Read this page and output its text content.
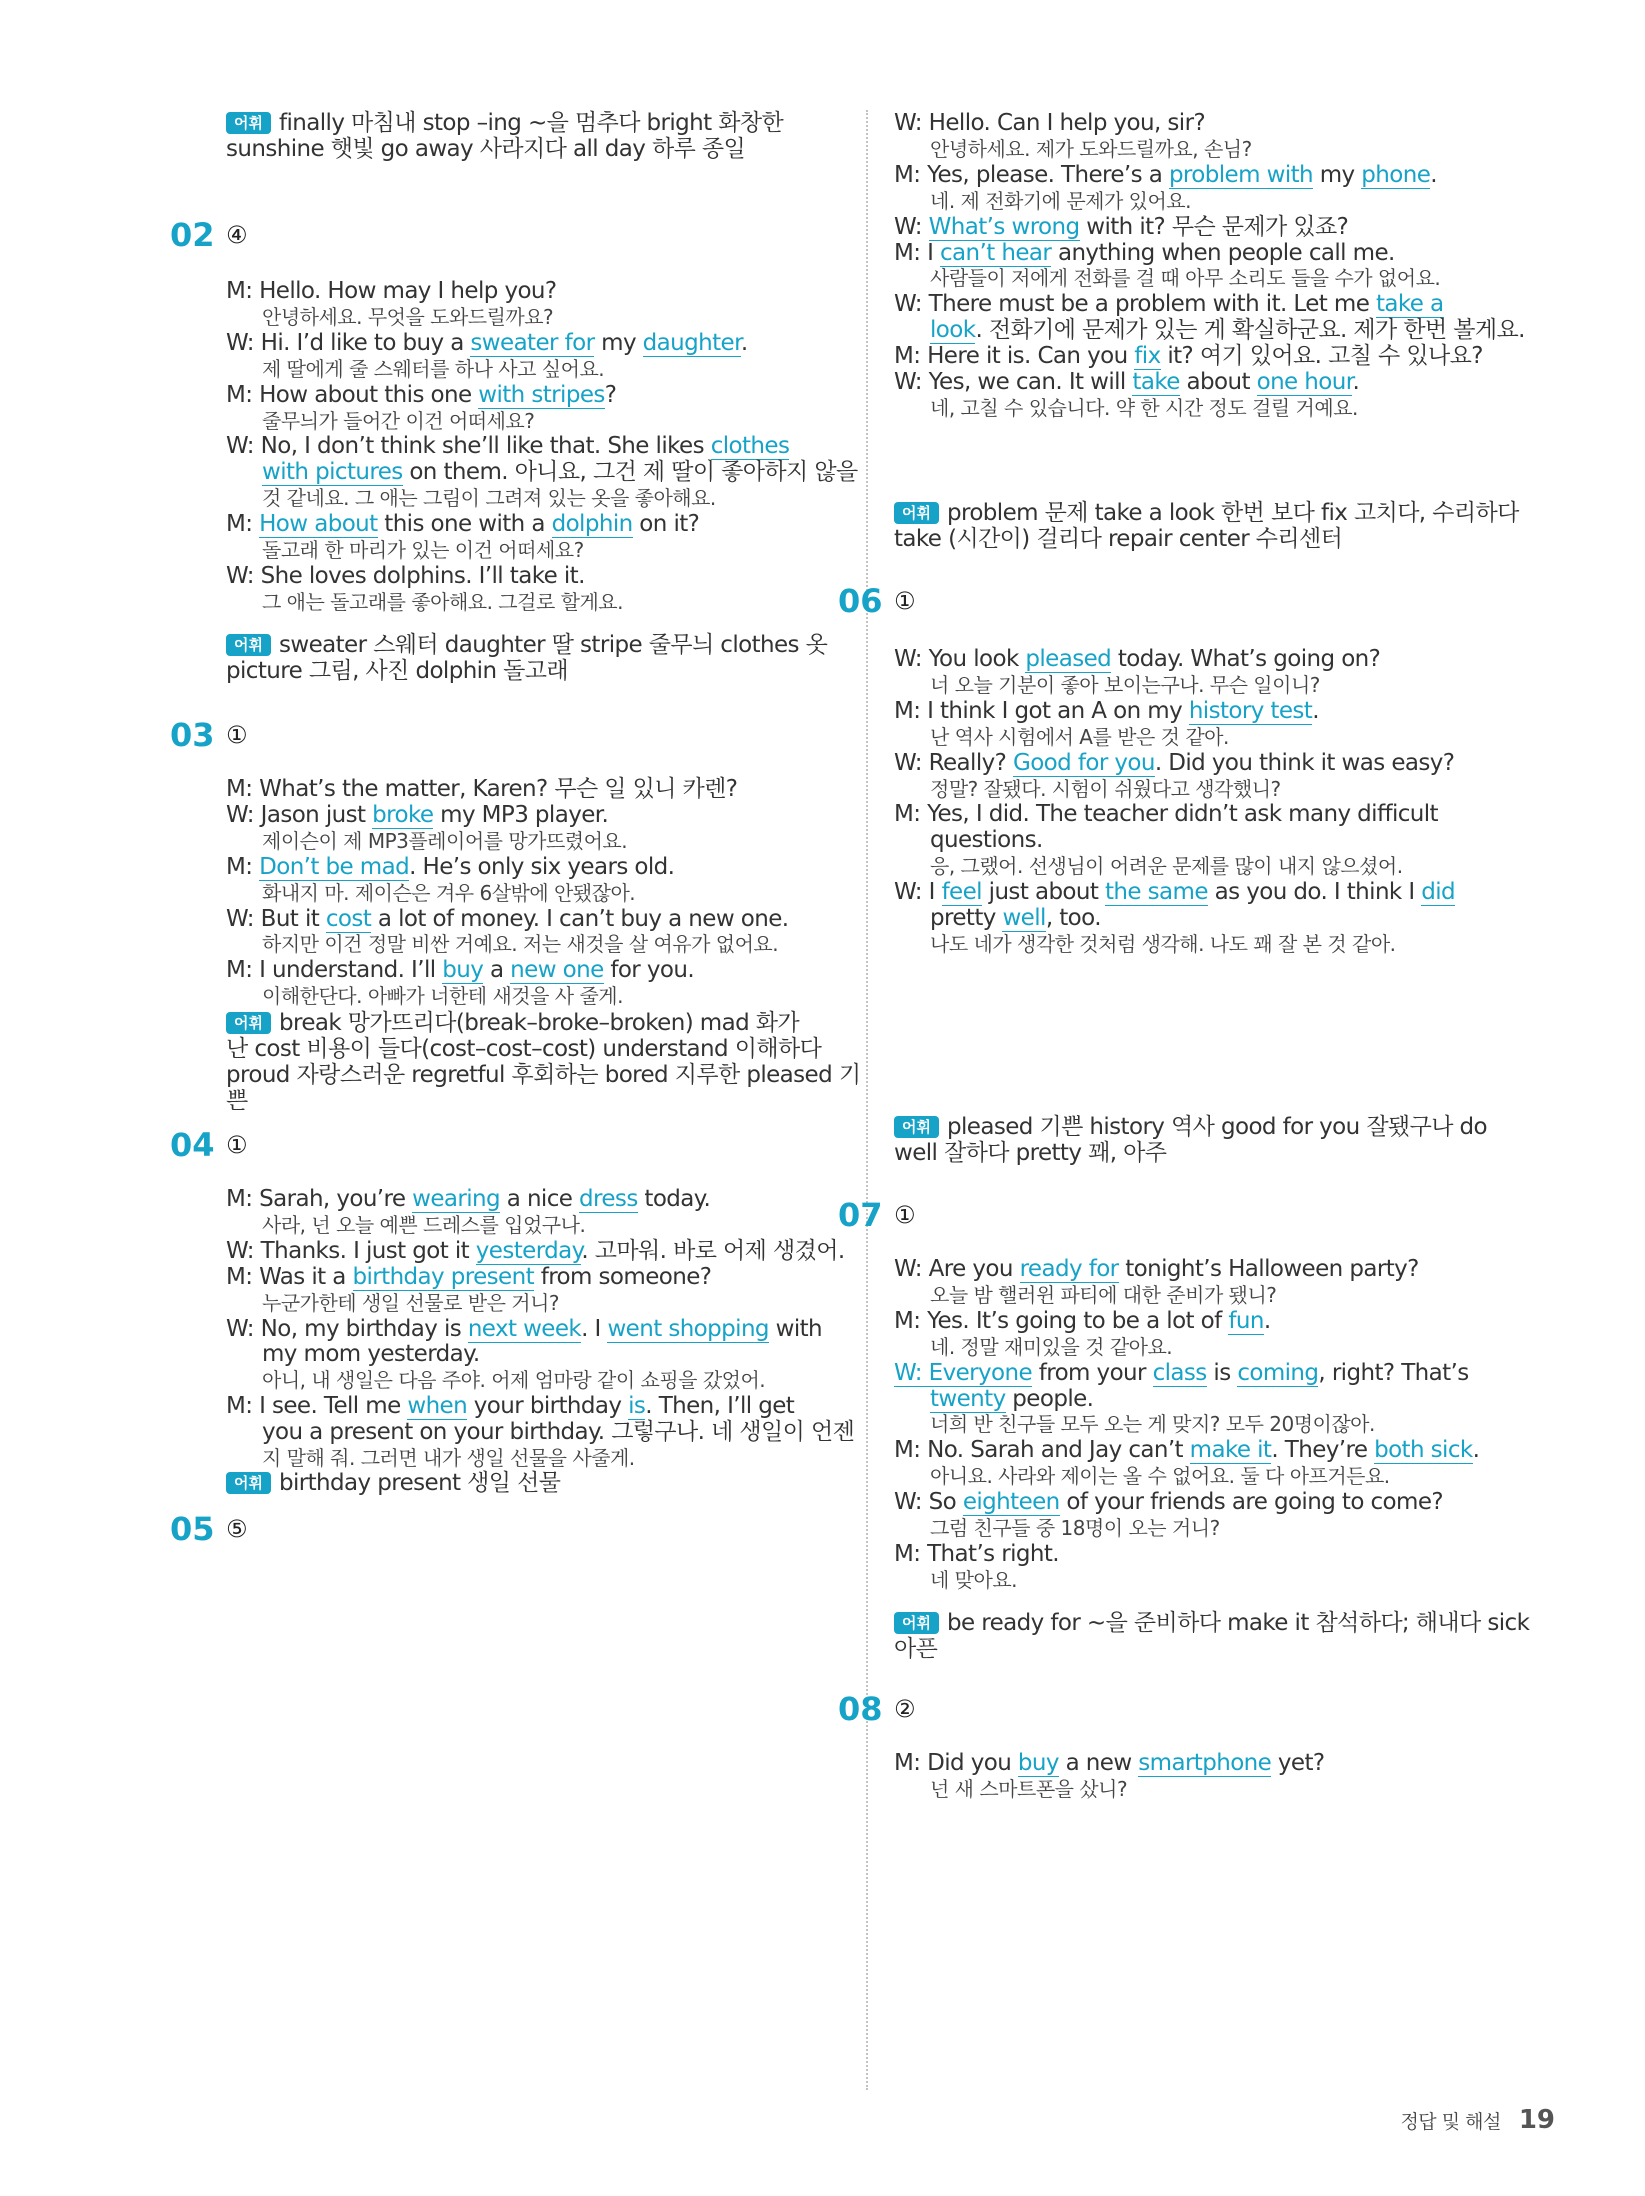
어휘 finally 마침내 stop –ing ~을 멈추다 bright 화창한
sunshine 햇빛 go away 사라지다 all day 하루 종일
02 ④
M: Hello. How may I help you?
안녕하세요. 무엇을 도와드릴까요?
W: Hi. I’d like to buy a sweater for my daughter.
제 딸에게 줄 스웨터를 하나 사고 싶어요.
M: How about this one with stripes?
줄무늬가 들어간 이건 어떠세요?
W: No, I don’t think she’ll like that. She likes clothes
with pictures on them. 아니요, 그건 제 딸이 좋아하지 않을
것 같네요. 그 애는 그림이 그려져 있는 옷을 좋아해요.
M: How about this one with a dolphin on it?
돌고래 한 마리가 있는 이건 어떠세요?
W: She loves dolphins. I’ll take it.
그 애는 돌고래를 좋아해요. 그걸로 할게요.
어휘 sweater 스웨터 daughter 딸 stripe 줄무늬 clothes 옷
picture 그림, 사진 dolphin 돌고래
03 ①
M: What’s the matter, Karen? 무슨 일 있니 카렌?
W: Jason just broke my MP3 player.
제이슨이 제 MP3플레이어를 망가뜨렸어요.
M: Don’t be mad. He’s only six years old.
화내지 마. 제이슨은 겨우 6살밖에 안됐잖아.
W: But it cost a lot of money. I can’t buy a new one.
하지만 이건 정말 비싼 거예요. 저는 새것을 살 여유가 없어요.
M: I understand. I’ll buy a new one for you.
이해한단다. 아빠가 너한테 새것을 사 줄게.
어휘 break 망가뜨리다(break–broke–broken) mad 화가
난 cost 비용이 들다(cost–cost–cost) understand 이해하다
proud 자랑스러운 regretful 후회하는 bored 지루한 pleased 기
쁜
04 ①
M: Sarah, you’re wearing a nice dress today.
사라, 넌 오늘 예쁜 드레스를 입었구나.
W: Thanks. I just got it yesterday. 고마워. 바로 어제 생겼어.
M: Was it a birthday present from someone?
누군가한테 생일 선물로 받은 거니?
W: No, my birthday is next week. I went shopping with
my mom yesterday.
아니, 내 생일은 다음 주야. 어제 엄마랑 같이 쇼핑을 갔었어.
M: I see. Tell me when your birthday is. Then, I’ll get
you a present on your birthday. 그렇구나. 네 생일이 언젠
지 말해 줘. 그러면 내가 생일 선물을 사줄게.
어휘 birthday present 생일 선물
05 ⑤
W: Hello. Can I help you, sir?
안녕하세요. 제가 도와드릴까요, 손님?
M: Yes, please. There’s a problem with my phone.
네. 제 전화기에 문제가 있어요.
W: What’s wrong with it? 무슨 문제가 있죠?
M: I can’t hear anything when people call me.
사람들이 저에게 전화를 걸 때 아무 소리도 들을 수가 없어요.
W: There must be a problem with it. Let me take a
look. 전화기에 문제가 있는 게 확실하군요. 제가 한번 볼게요.
M: Here it is. Can you fix it? 여기 있어요. 고칠 수 있나요?
W: Yes, we can. It will take about one hour.
네, 고칠 수 있습니다. 약 한 시간 정도 걸릴 거예요.
어휘 problem 문제 take a look 한번 보다 fix 고치다, 수리하다
take (시간이) 걸리다 repair center 수리센터
06 ①
W: You look pleased today. What’s going on?
너 오늘 기분이 좋아 보이는구나. 무슨 일이니?
M: I think I got an A on my history test.
난 역사 시험에서 A를 받은 것 같아.
W: Really? Good for you. Did you think it was easy?
정말? 잘됐다. 시험이 쉬웠다고 생각했니?
M: Yes, I did. The teacher didn’t ask many difficult
questions.
응, 그랬어. 선생님이 어려운 문제를 많이 내지 않으셨어.
W: I feel just about the same as you do. I think I did
pretty well, too.
나도 네가 생각한 것처럼 생각해. 나도 꽤 잘 본 것 같아.
어휘 pleased 기쁜 history 역사 good for you 잘됐구나 do
well 잘하다 pretty 꽤, 아주
07 ①
W: Are you ready for tonight’s Halloween party?
오늘 밤 핼러윈 파티에 대한 준비가 됐니?
M: Yes. It’s going to be a lot of fun.
네. 정말 재미있을 것 같아요.
W: Everyone from your class is coming, right? That’s
twenty people.
너희 반 친구들 모두 오는 게 맞지? 모두 20명이잖아.
M: No. Sarah and Jay can’t make it. They’re both sick.
아니요. 사라와 제이는 올 수 없어요. 둘 다 아프거든요.
W: So eighteen of your friends are going to come?
그럼 친구들 중 18명이 오는 거니?
M: That’s right.
네 맞아요.
어휘 be ready for ~을 준비하다 make it 참석하다; 해내다 sick
아픈
08 ②
M: Did you buy a new smartphone yet?
넌 새 스마트폰을 샀니?
정답 및 해설 19
